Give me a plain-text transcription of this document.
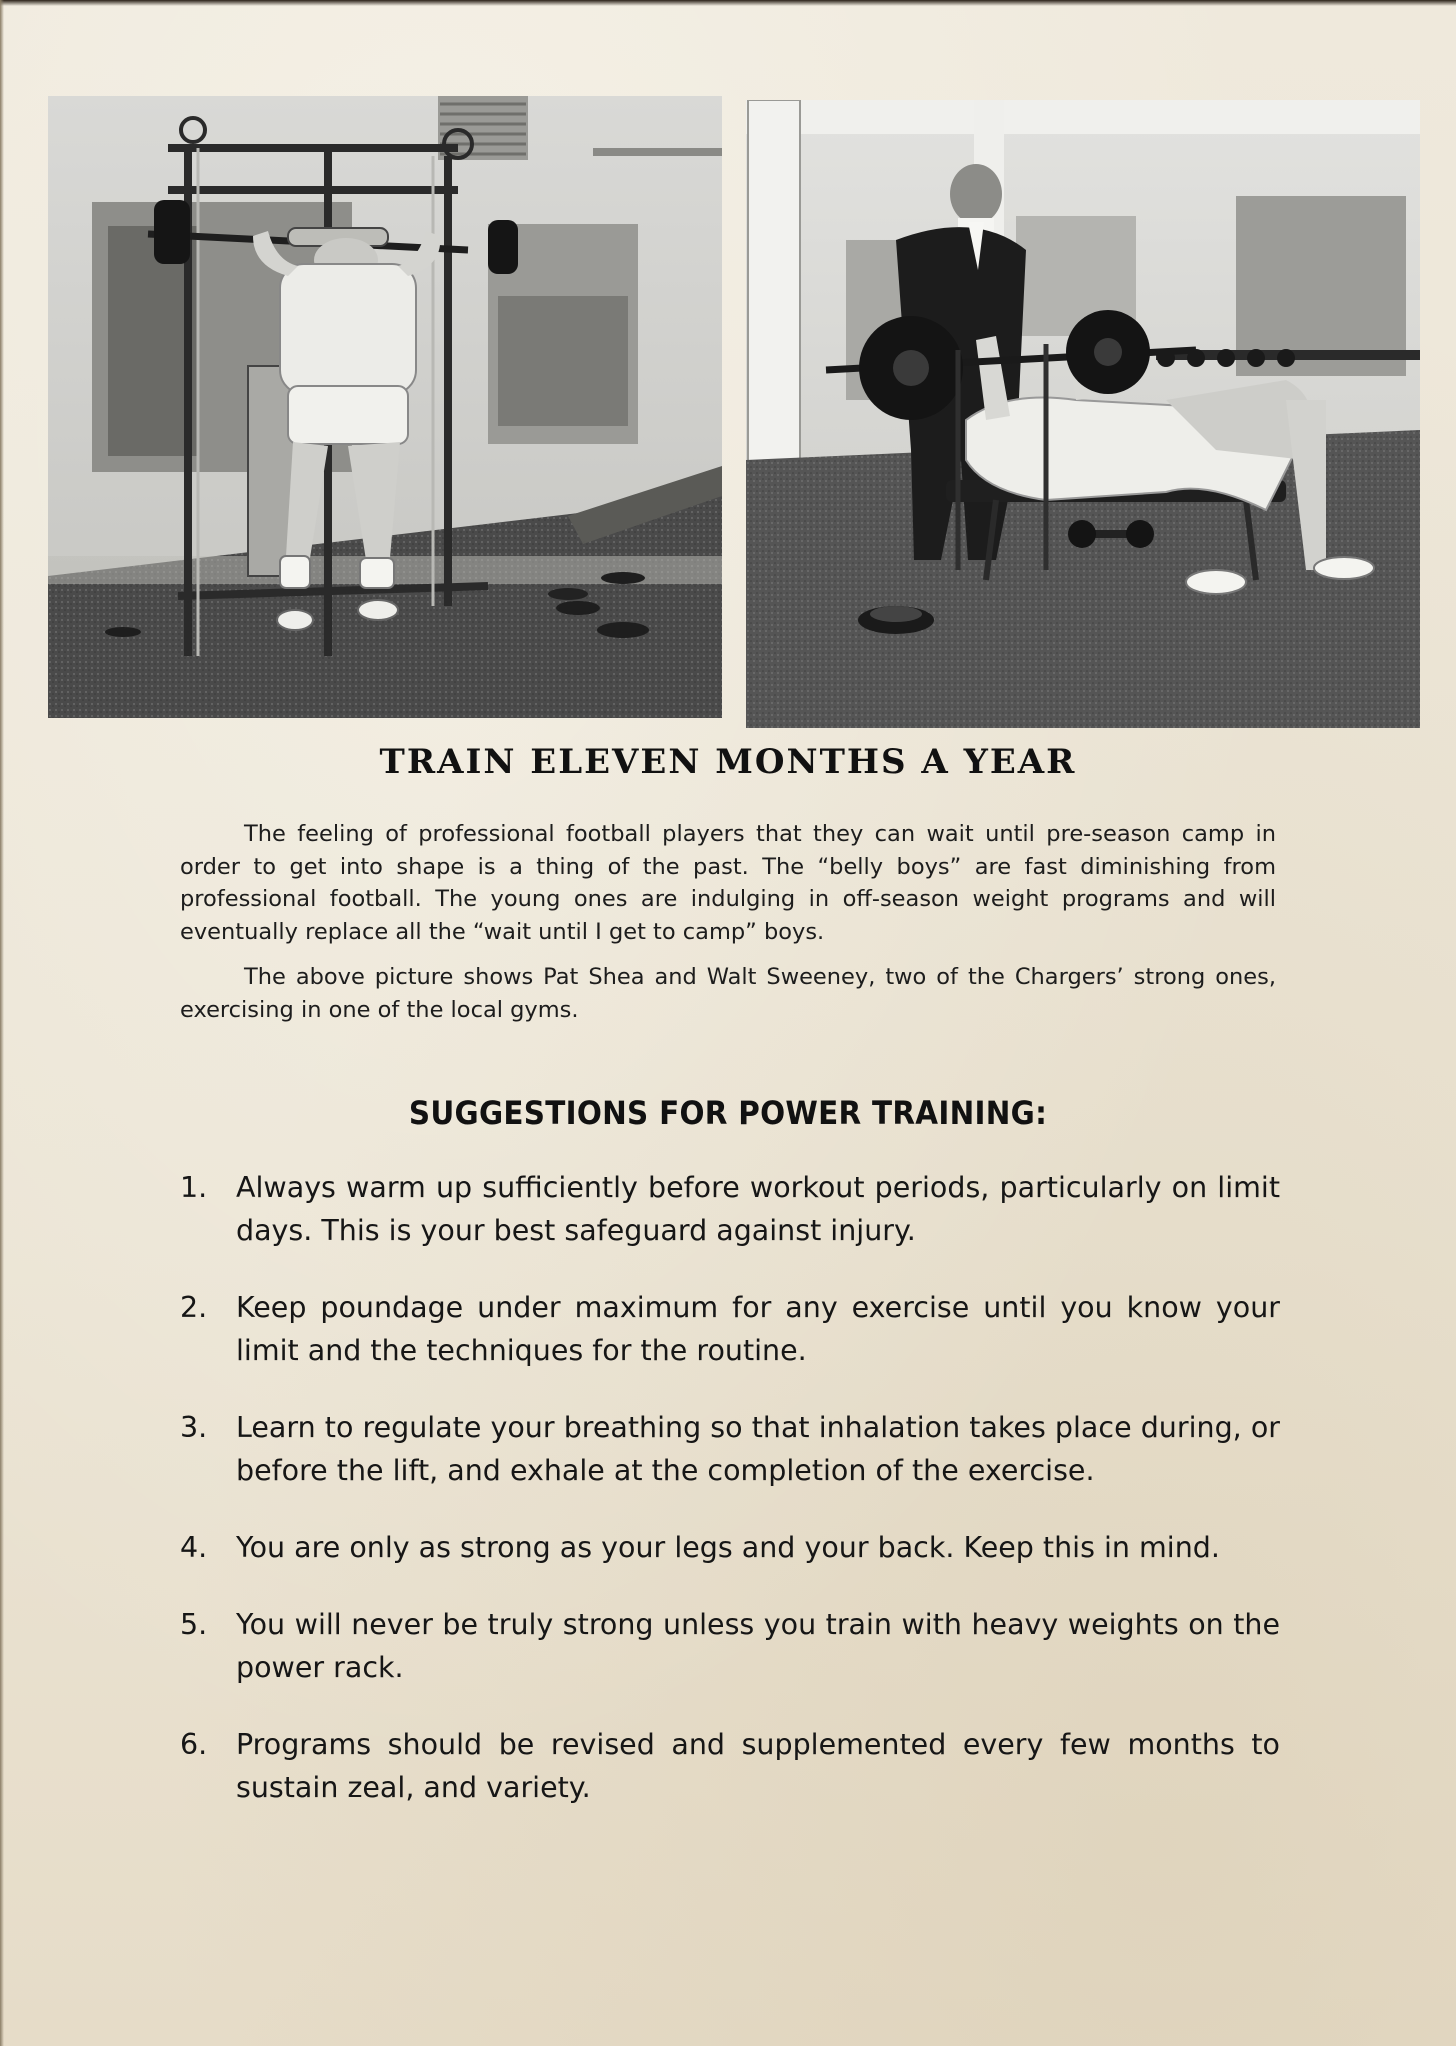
TRAIN ELEVEN MONTHS A YEAR

The feeling of professional football players that they can wait until pre-season camp in order to get into shape is a thing of the past. The “belly boys” are fast diminishing from professional football. The young ones are indulging in off-season weight programs and will eventually replace all the “wait until I get to camp” boys.

The above picture shows Pat Shea and Walt Sweeney, two of the Chargers’ strong ones, exercising in one of the local gyms.

SUGGESTIONS FOR POWER TRAINING:
1. Always warm up sufficiently before workout periods, particularly on limit days. This is your best safeguard against injury.
2. Keep poundage under maximum for any exercise until you know your limit and the techniques for the routine.
3. Learn to regulate your breathing so that inhalation takes place during, or before the lift, and exhale at the completion of the exercise.
4. You are only as strong as your legs and your back. Keep this in mind.
5. You will never be truly strong unless you train with heavy weights on the power rack.
6. Programs should be revised and supplemented every few months to sustain zeal, and variety.
